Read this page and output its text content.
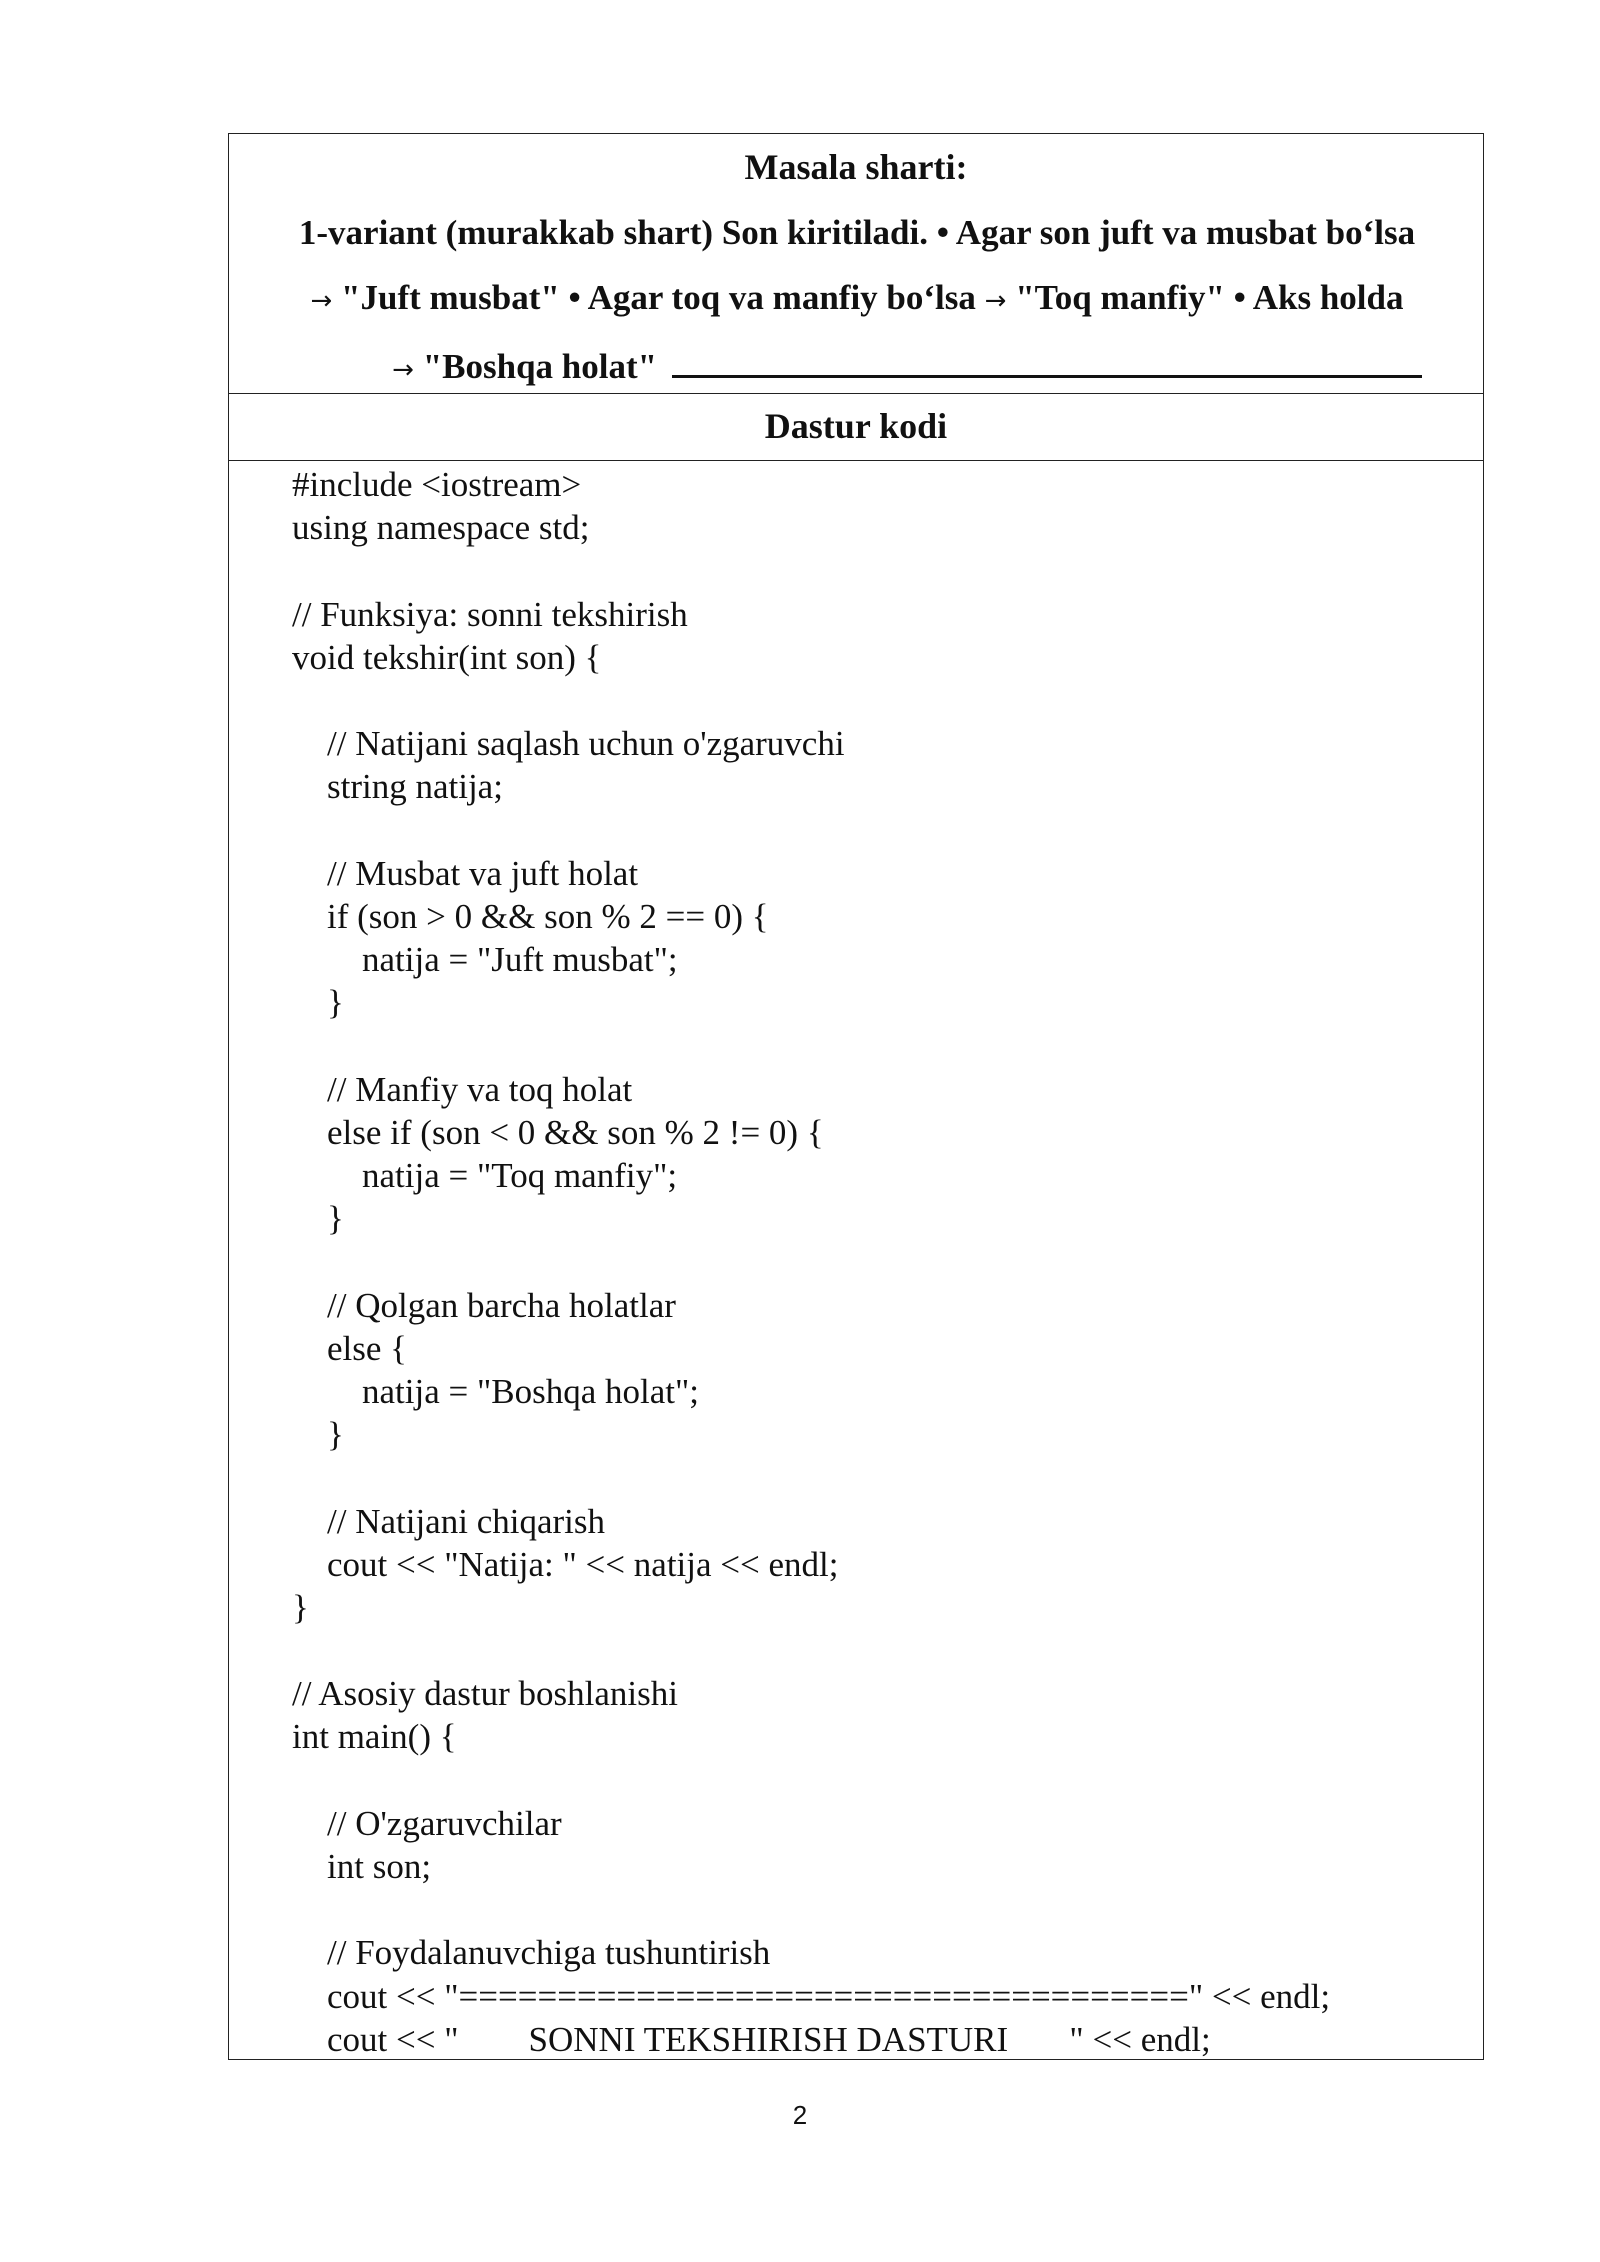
Masala sharti:
1-variant (murakkab shart) Son kiritiladi. • Agar son juft va musbat bo‘lsa
→ "Juft musbat" • Agar toq va manfiy bo‘lsa → "Toq manfiy" • Aks holda
→ "Boshqa holat"
Dastur kodi
#include <iostream>
using namespace std;
// Funksiya: sonni tekshirish
void tekshir(int son) {
// Natijani saqlash uchun o'zgaruvchi
string natija;
// Musbat va juft holat
if (son > 0 && son % 2 == 0) {
natija = "Juft musbat";
}
// Manfiy va toq holat
else if (son < 0 && son % 2 != 0) {
natija = "Toq manfiy";
}
// Qolgan barcha holatlar
else {
natija = "Boshqa holat";
}
// Natijani chiqarish
cout << "Natija: " << natija << endl;
}
// Asosiy dastur boshlanishi
int main() {
// O'zgaruvchilar
int son;
// Foydalanuvchiga tushuntirish
cout << "=====================================" << endl;
cout << "        SONNI TEKSHIRISH DASTURI       " << endl;
2
